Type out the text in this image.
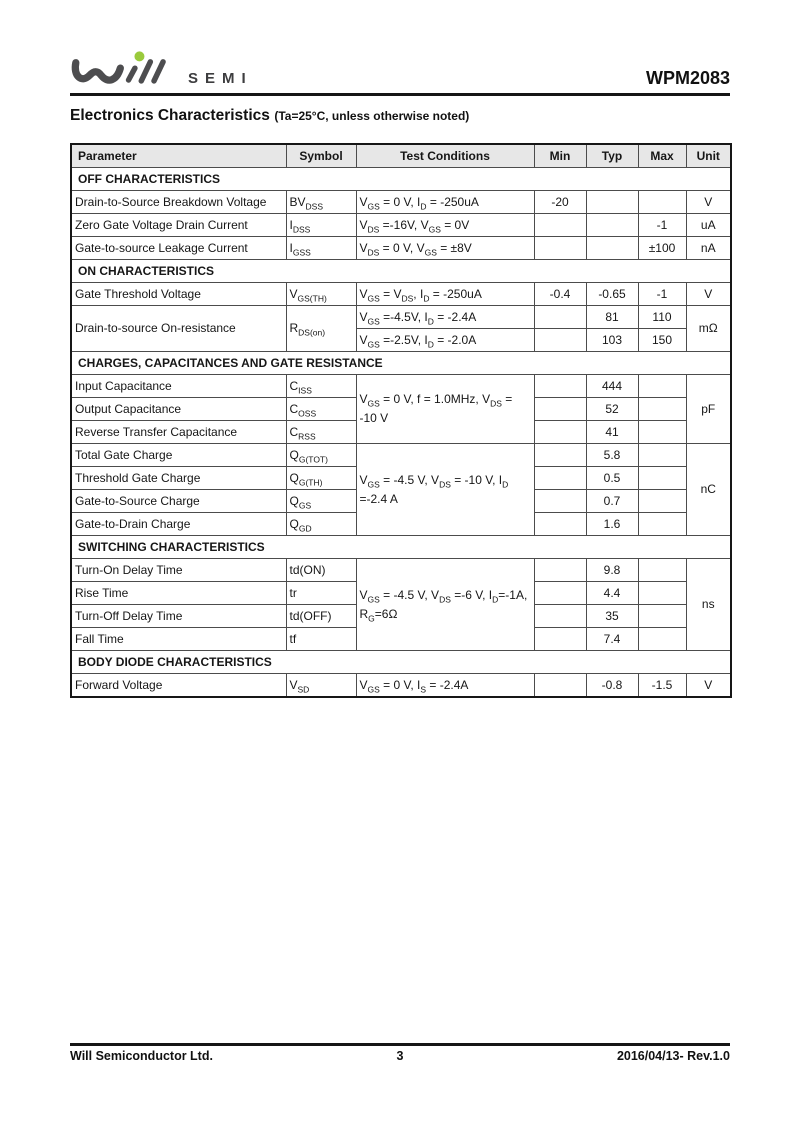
SEMI	WPM2083
Electronics Characteristics (Ta=25°C, unless otherwise noted)
Parameter	Symbol	Test Conditions	Min	Typ	Max	Unit
OFF CHARACTERISTICS						
Drain-to-Source Breakdown Voltage	$BV_{DSS}$	$V_{GS} = 0$ V, $I_D = -250uA$	-20			V
Zero Gate Voltage Drain Current	$I_{DSS}$	$V_{DS} =-16V$, $V_{GS} = 0V$			-1	uA
Gate-to-source Leakage Current	$I_{GSS}$	$V_{DS} = 0$ V, $V_{GS} = \pm 8V$			±100	nA
ON CHARACTERISTICS						
Gate Threshold Voltage	$V_{GS(TH)}$	$V_{GS} = V_{DS}$, $I_D = -250uA$	-0.4	-0.65	-1	V
Drain-to-source On-resistance	$R_{DS(on)}$	$V_{GS} =-4.5V$, $I_D = -2.4A$		81	110	mΩ
		$V_{GS} =-2.5V$, $I_D = -2.0A$		103	150	
CHARGES, CAPACITANCES AND GATE RESISTANCE						
Input Capacitance	$C_{ISS}$	$V_{GS} = 0$ V, f = 1.0MHz, $V_{DS} = -10$ V		444		pF
Output Capacitance	$C_{OSS}$			52		
Reverse Transfer Capacitance	$C_{RSS}$			41		
Total Gate Charge	$Q_{G(TOT)}$	$V_{GS} = -4.5$ V, $V_{DS} = -10$ V, $I_D =-2.4$ A		5.8		nC
Threshold Gate Charge	$Q_{G(TH)}$			0.5		
Gate-to-Source Charge	$Q_{GS}$			0.7		
Gate-to-Drain Charge	$Q_{GD}$			1.6		
SWITCHING CHARACTERISTICS						
Turn-On Delay Time	td(ON)	$V_{GS} = -4.5$ V, $V_{DS} =-6$ V, $I_D=-1A$, $R_G=6\Omega$		9.8		ns
Rise Time	tr			4.4		
Turn-Off Delay Time	td(OFF)			35		
Fall Time	tf			7.4		
BODY DIODE CHARACTERISTICS						
Forward Voltage	$V_{SD}$	$V_{GS} = 0$ V, $I_S = -2.4A$		-0.8	-1.5	V
Will Semiconductor Ltd.	3	2016/04/13- Rev.1.0
